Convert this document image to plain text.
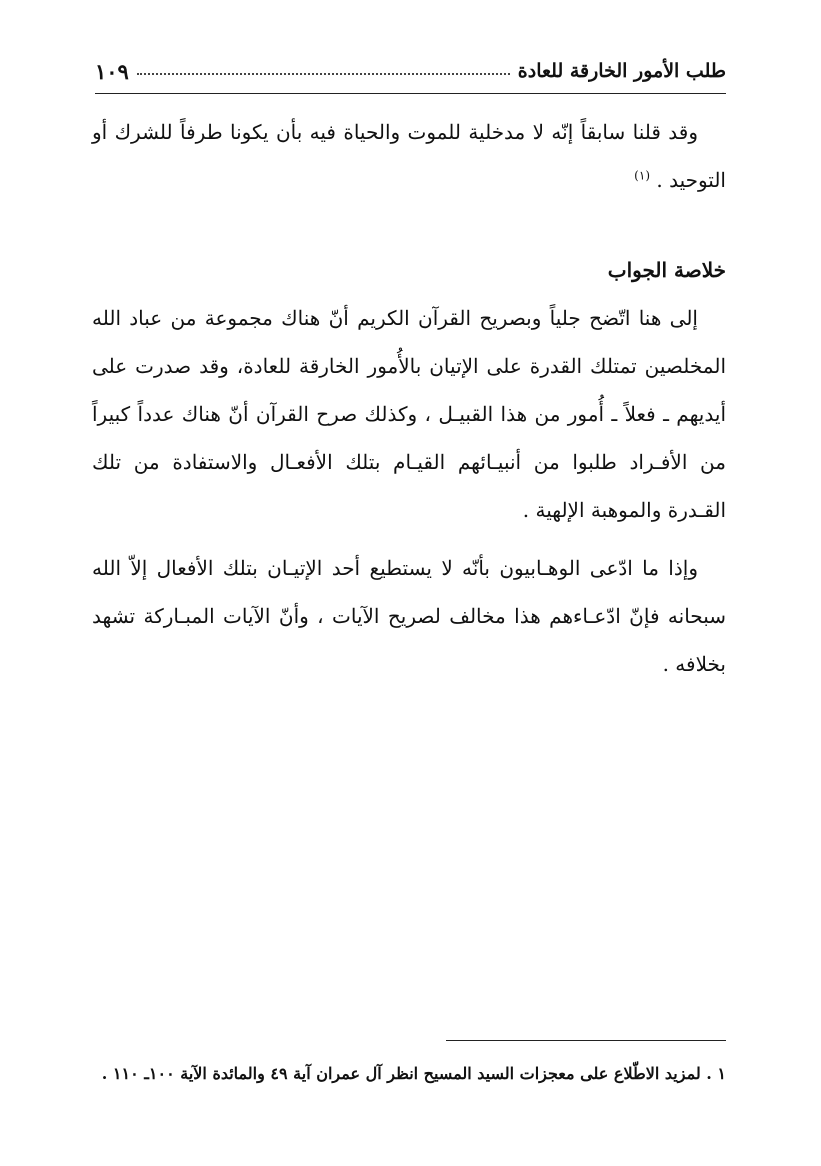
طلب الأمور الخارقة للعادة
١٠٩

وقد قلنا سابقاً إنّه لا مدخلية للموت والحياة فيه بأن يكونا طرفاً للشرك أو التوحيد . $^{(١)}$

خلاصة الجواب

إلى هنا اتّضح جلياً وبصريح القرآن الكريم أنّ هناك مجموعة من عباد الله المخلصين تمتلك القدرة على الإتيان بالأُمور الخارقة للعادة، وقد صدرت على أيديهم ـ فعلاً ـ أُمور من هذا القبيـل ، وكذلك صرح القرآن أنّ هناك عدداً كبيراً من الأفـراد طلبوا من أنبيـائهم القيـام بتلك الأفعـال والاستفادة من تلك القـدرة والموهبة الإلهية .

وإذا ما ادّعى الوهـابيون بأنّه لا يستطيع أحد الإتيـان بتلك الأفعال إلاّ الله سبحانه فإنّ ادّعـاءهم هذا مخالف لصريح الآيات ، وأنّ الآيات المبـاركة تشهد بخلافه .

١ . لمزيد الاطّلاع على معجزات السيد المسيح انظر آل عمران آية ٤٩ والمائدة الآية ١٠٠ـ ١١٠ .
